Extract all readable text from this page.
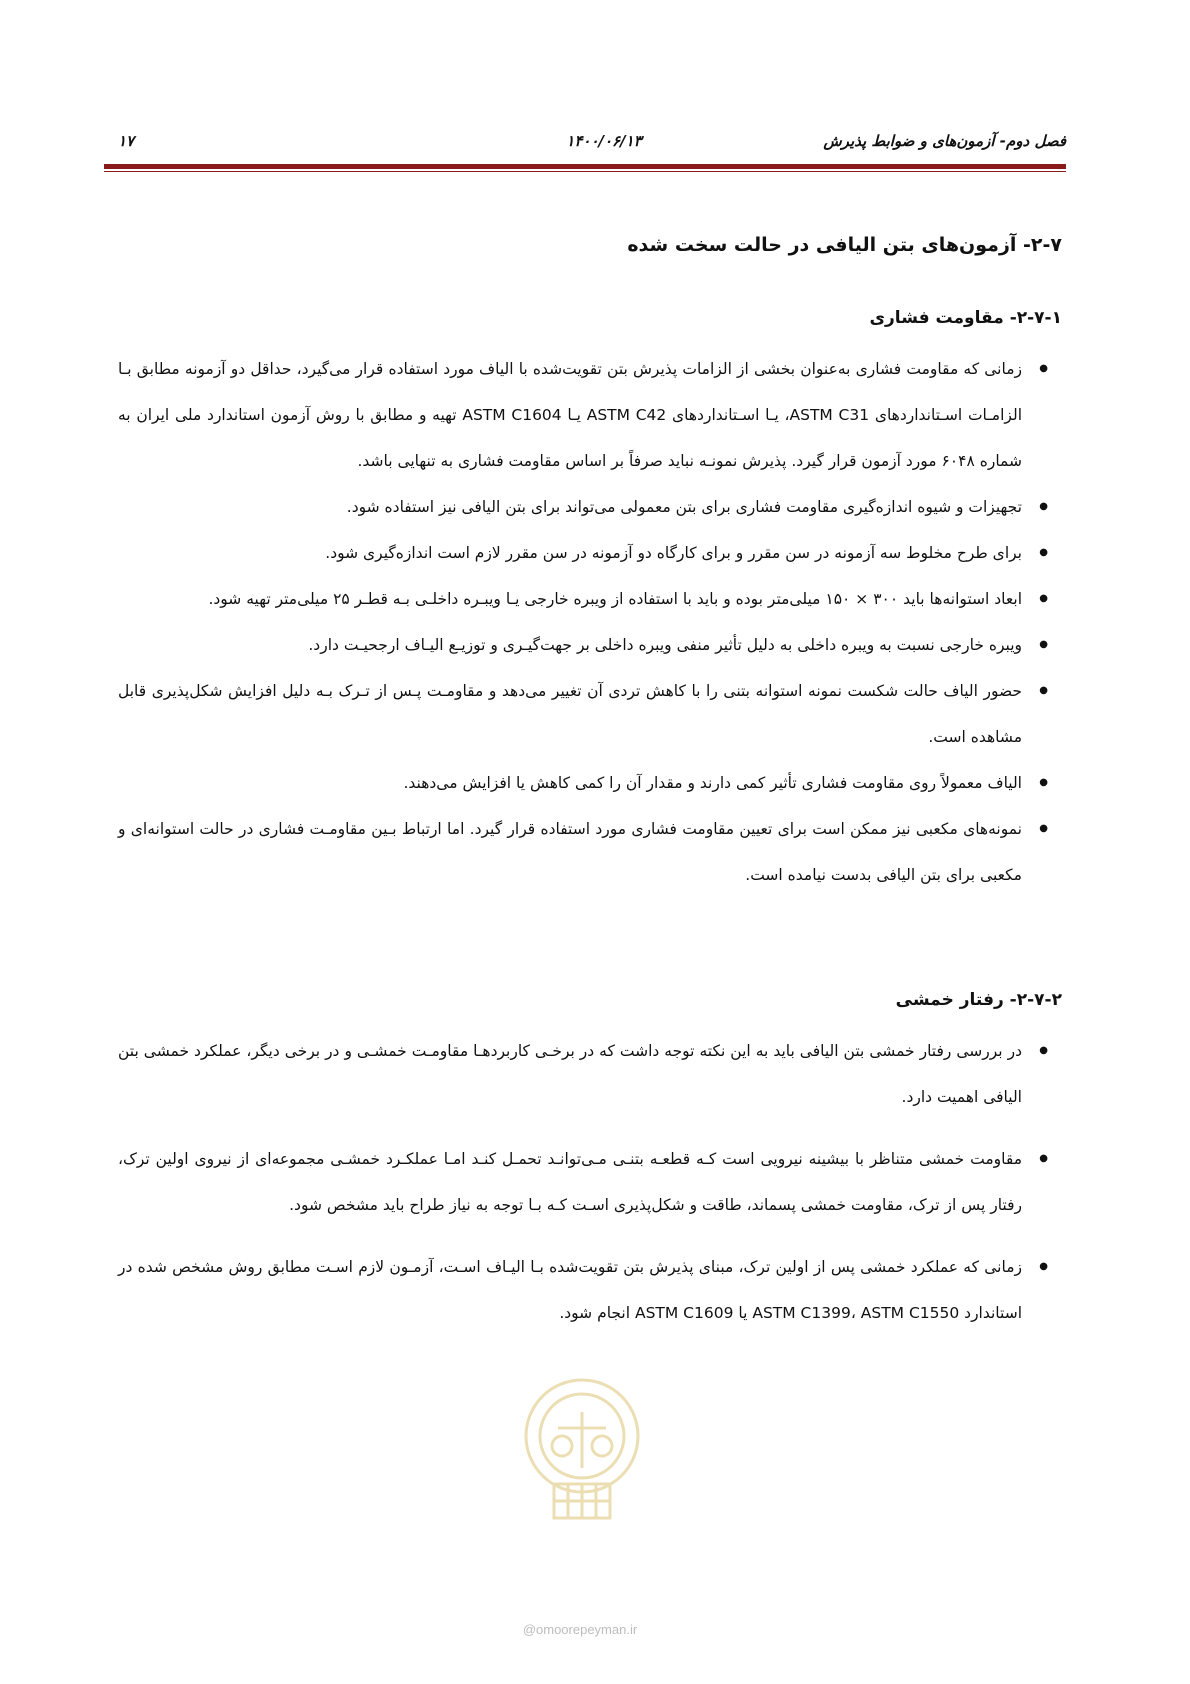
فصل دوم- آزمون‌های و ضوابط پذیرش
۱۴۰۰/۰۶/۱۳
۱۷
۲-۷- آزمون‌های بتن الیافی در حالت سخت شده
۲-۷-۱- مقاومت فشاری
● زمانی که مقاومت فشاری به‌عنوان بخشی از الزامات پذیرش بتن تقویت‌شده با الیاف مورد استفاده قرار می‌گیرد، حداقل دو آزمونه مطابق بـا الزامـات اسـتانداردهای ASTM C31، یـا اسـتانداردهای ASTM C42 یـا ASTM C1604 تهیه و مطابق با روش آزمون استاندارد ملی ایران به شماره ۶۰۴۸ مورد آزمون قرار گیرد. پذیرش نمونـه نباید صرفاً بر اساس مقاومت فشاری به تنهایی باشد.
● تجهیزات و شیوه اندازه‌گیری مقاومت فشاری برای بتن معمولی می‌تواند برای بتن الیافی نیز استفاده شود.
● برای طرح مخلوط سه آزمونه در سن مقرر و برای کارگاه دو آزمونه در سن مقرر لازم است اندازه‌گیری شود.
● ابعاد استوانه‌ها باید ۳۰۰ × ۱۵۰ میلی‌متر بوده و باید با استفاده از ویبره خارجی یـا ویبـره داخلـی بـه قطـر ۲۵ میلی‌متر تهیه شود.
● ویبره خارجی نسبت به ویبره داخلی به دلیل تأثیر منفی ویبره داخلی بر جهت‌گیـری و توزیـع الیـاف ارجحیـت دارد.
● حضور الیاف حالت شکست نمونه استوانه بتنی را با کاهش تردی آن تغییر می‌دهد و مقاومـت پـس از تـرک بـه دلیل افزایش شکل‌پذیری قابل مشاهده است.
● الیاف معمولاً روی مقاومت فشاری تأثیر کمی دارند و مقدار آن را کمی کاهش یا افزایش می‌دهند.
● نمونه‌های مکعبی نیز ممکن است برای تعیین مقاومت فشاری مورد استفاده قرار گیرد. اما ارتباط بـین مقاومـت فشاری در حالت استوانه‌ای و مکعبی برای بتن الیافی بدست نیامده است.
۲-۷-۲- رفتار خمشی
● در بررسی رفتار خمشی بتن الیافی باید به این نکته توجه داشت که در برخـی کاربردهـا مقاومـت خمشـی و در برخی دیگر، عملکرد خمشی بتن الیافی اهمیت دارد.
● مقاومت خمشی متناظر با بیشینه نیرویی است کـه قطعـه بتنـی مـی‌توانـد تحمـل کنـد امـا عملکـرد خمشـی مجموعه‌ای از نیروی اولین ترک، رفتار پس از ترک، مقاومت خمشی پسماند، طاقت و شکل‌پذیری اسـت کـه بـا توجه به نیاز طراح باید مشخص شود.
● زمانی که عملکرد خمشی پس از اولین ترک، مبنای پذیرش بتن تقویت‌شده بـا الیـاف اسـت، آزمـون لازم اسـت مطابق روش مشخص شده در استاندارد ASTM C1399، ASTM C1550 یا ASTM C1609 انجام شود.
@omoorepeyman.ir
